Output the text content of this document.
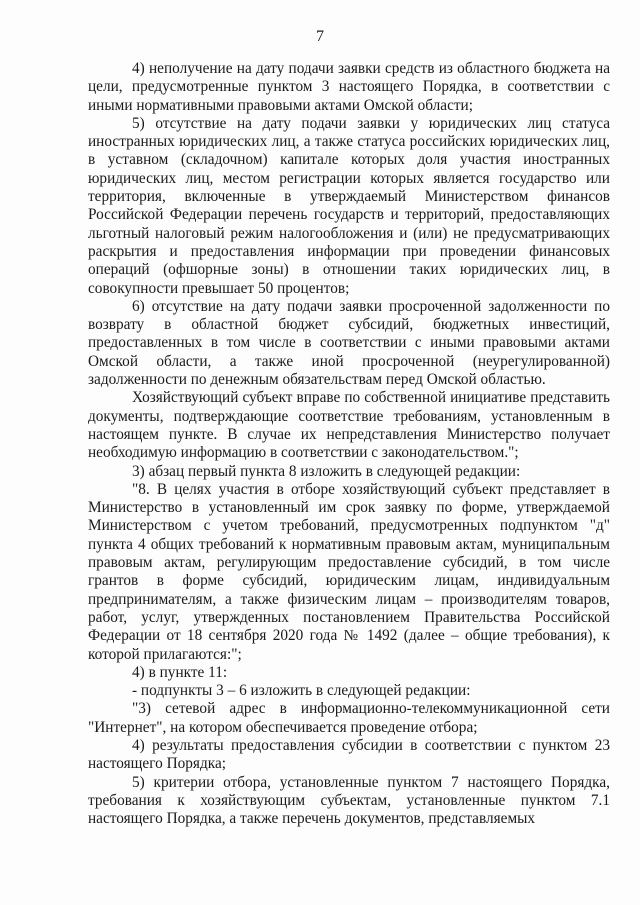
7

4) неполучение на дату подачи заявки средств из областного бюджета на цели, предусмотренные пунктом 3 настоящего Порядка, в соответствии с иными нормативными правовыми актами Омской области;

5) отсутствие на дату подачи заявки у юридических лиц статуса иностранных юридических лиц, а также статуса российских юридических лиц, в уставном (складочном) капитале которых доля участия иностранных юридических лиц, местом регистрации которых является государство или территория, включенные в утверждаемый Министерством финансов Российской Федерации перечень государств и территорий, предоставляющих льготный налоговый режим налогообложения и (или) не предусматривающих раскрытия и предоставления информации при проведении финансовых операций (офшорные зоны) в отношении таких юридических лиц, в совокупности превышает 50 процентов;

6) отсутствие на дату подачи заявки просроченной задолженности по возврату в областной бюджет субсидий, бюджетных инвестиций, предоставленных в том числе в соответствии с иными правовыми актами Омской области, а также иной просроченной (неурегулированной) задолженности по денежным обязательствам перед Омской областью.

Хозяйствующий субъект вправе по собственной инициативе представить документы, подтверждающие соответствие требованиям, установленным в настоящем пункте. В случае их непредставления Министерство получает необходимую информацию в соответствии с законодательством.";

3) абзац первый пункта 8 изложить в следующей редакции:

"8. В целях участия в отборе хозяйствующий субъект представляет в Министерство в установленный им срок заявку по форме, утверждаемой Министерством с учетом требований, предусмотренных подпунктом "д" пункта 4 общих требований к нормативным правовым актам, муниципальным правовым актам, регулирующим предоставление субсидий, в том числе грантов в форме субсидий, юридическим лицам, индивидуальным предпринимателям, а также физическим лицам – производителям товаров, работ, услуг, утвержденных постановлением Правительства Российской Федерации от 18 сентября 2020 года № 1492 (далее – общие требования), к которой прилагаются:";

4) в пункте 11:

- подпункты 3 – 6 изложить в следующей редакции:

"3) сетевой адрес в информационно-телекоммуникационной сети "Интернет", на котором обеспечивается проведение отбора;

4) результаты предоставления субсидии в соответствии с пунктом 23 настоящего Порядка;

5) критерии отбора, установленные пунктом 7 настоящего Порядка, требования к хозяйствующим субъектам, установленные пунктом 7.1 настоящего Порядка, а также перечень документов, представляемых
